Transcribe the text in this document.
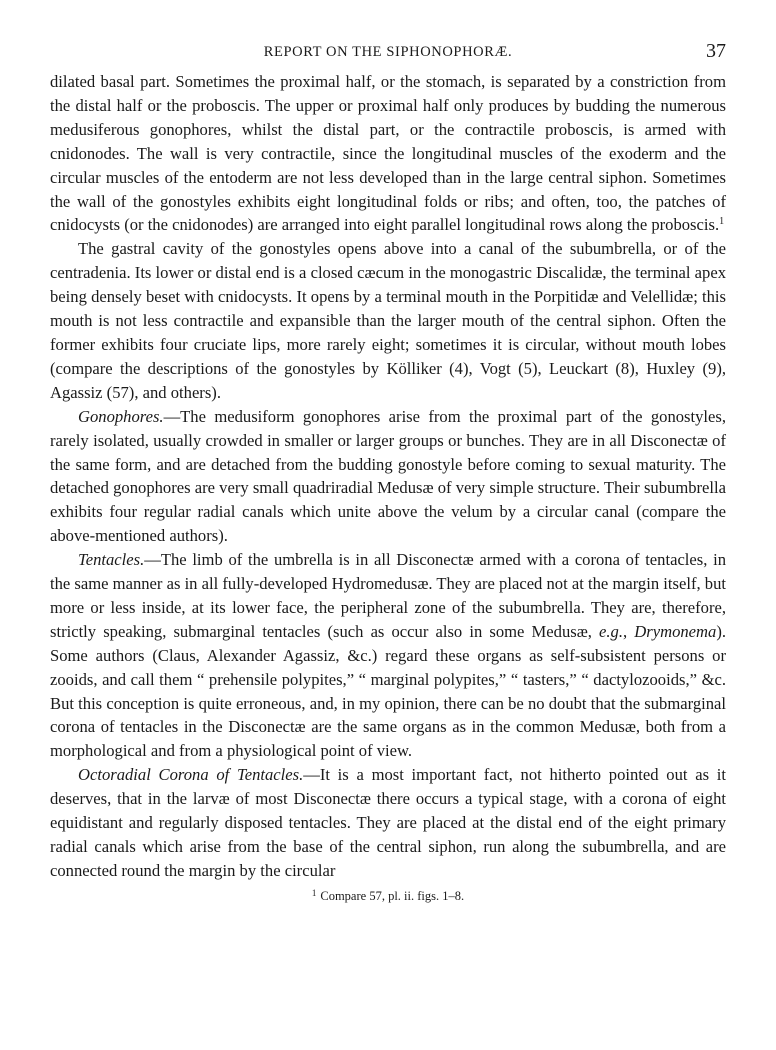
REPORT ON THE SIPHONOPHORÆ.	37

dilated basal part. Sometimes the proximal half, or the stomach, is separated by a constriction from the distal half or the proboscis. The upper or proximal half only produces by budding the numerous medusiferous gonophores, whilst the distal part, or the contractile proboscis, is armed with cnidonodes. The wall is very contractile, since the longitudinal muscles of the exoderm and the circular muscles of the entoderm are not less developed than in the large central siphon. Sometimes the wall of the gonostyles exhibits eight longitudinal folds or ribs; and often, too, the patches of cnidocysts (or the cnidonodes) are arranged into eight parallel longitudinal rows along the proboscis.$^1$

The gastral cavity of the gonostyles opens above into a canal of the subumbrella, or of the centradenia. Its lower or distal end is a closed cæcum in the monogastric Discalidæ, the terminal apex being densely beset with cnidocysts. It opens by a terminal mouth in the Porpitidæ and Velellidæ; this mouth is not less contractile and expansible than the larger mouth of the central siphon. Often the former exhibits four cruciate lips, more rarely eight; sometimes it is circular, without mouth lobes (compare the descriptions of the gonostyles by Kölliker (4), Vogt (5), Leuckart (8), Huxley (9), Agassiz (57), and others).

Gonophores.—The medusiform gonophores arise from the proximal part of the gonostyles, rarely isolated, usually crowded in smaller or larger groups or bunches. They are in all Disconectæ of the same form, and are detached from the budding gonostyle before coming to sexual maturity. The detached gonophores are very small quadriradial Medusæ of very simple structure. Their subumbrella exhibits four regular radial canals which unite above the velum by a circular canal (compare the above-mentioned authors).

Tentacles.—The limb of the umbrella is in all Disconectæ armed with a corona of tentacles, in the same manner as in all fully-developed Hydromedusæ. They are placed not at the margin itself, but more or less inside, at its lower face, the peripheral zone of the subumbrella. They are, therefore, strictly speaking, submarginal tentacles (such as occur also in some Medusæ, e.g., Drymonema). Some authors (Claus, Alexander Agassiz, &c.) regard these organs as self-subsistent persons or zooids, and call them “ prehensile polypites,” “ marginal polypites,” “ tasters,” “ dactylozooids,” &c. But this conception is quite erroneous, and, in my opinion, there can be no doubt that the submarginal corona of tentacles in the Disconectæ are the same organs as in the common Medusæ, both from a morphological and from a physiological point of view.

Octoradial Corona of Tentacles.—It is a most important fact, not hitherto pointed out as it deserves, that in the larvæ of most Disconectæ there occurs a typical stage, with a corona of eight equidistant and regularly disposed tentacles. They are placed at the distal end of the eight primary radial canals which arise from the base of the central siphon, run along the subumbrella, and are connected round the margin by the circular

$^1$ Compare 57, pl. ii. figs. 1–8.
